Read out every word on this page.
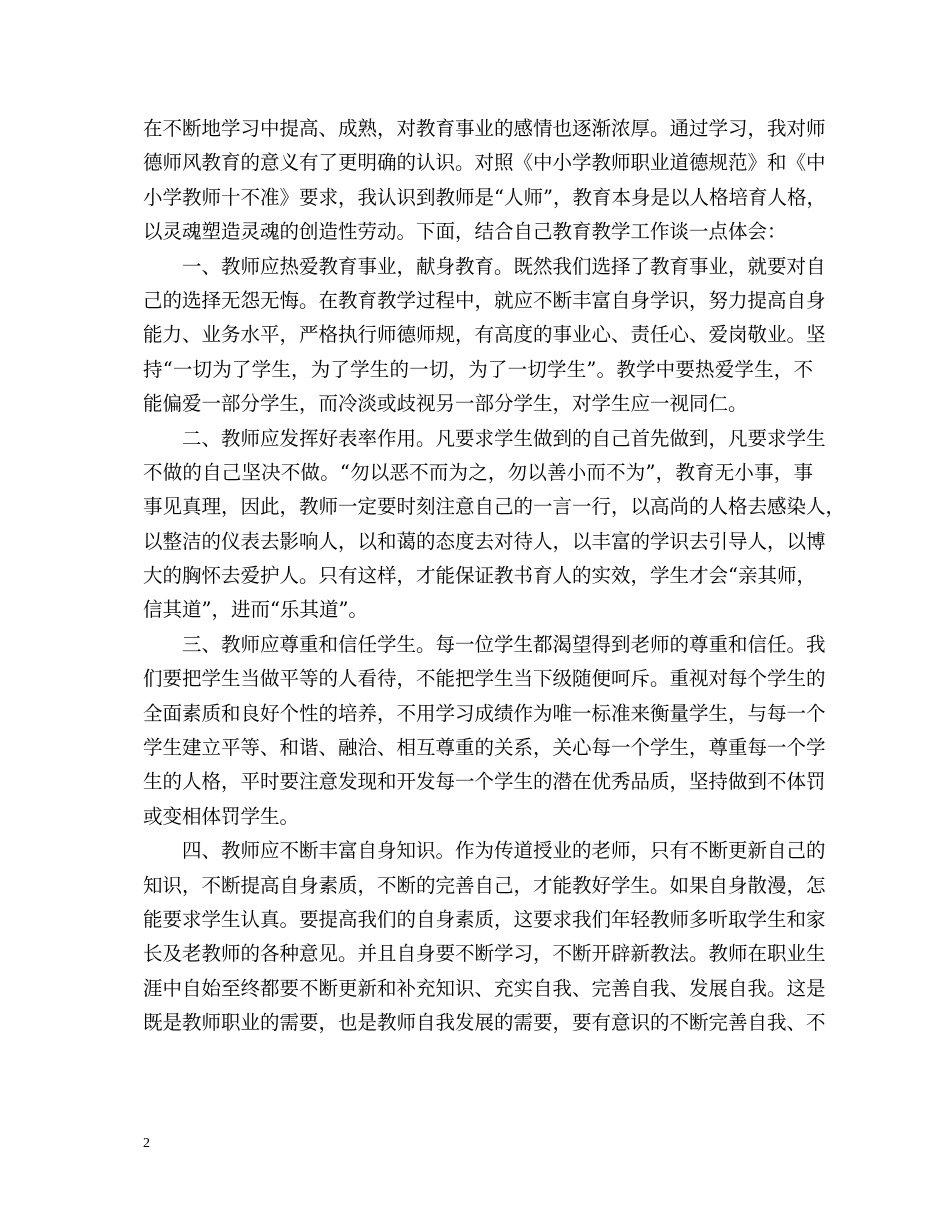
在不断地学习中提高、成熟，对教育事业的感情也逐渐浓厚。通过学习，我对师
德师风教育的意义有了更明确的认识。对照《中小学教师职业道德规范》和《中
小学教师十不准》要求，我认识到教师是“人师”，教育本身是以人格培育人格，
以灵魂塑造灵魂的创造性劳动。下面，结合自己教育教学工作谈一点体会：
一、教师应热爱教育事业，献身教育。既然我们选择了教育事业，就要对自
己的选择无怨无悔。在教育教学过程中，就应不断丰富自身学识，努力提高自身
能力、业务水平，严格执行师德师规，有高度的事业心、责任心、爱岗敬业。坚
持“一切为了学生，为了学生的一切，为了一切学生”。教学中要热爱学生，不
能偏爱一部分学生，而冷淡或歧视另一部分学生，对学生应一视同仁。
二、教师应发挥好表率作用。凡要求学生做到的自己首先做到，凡要求学生
不做的自己坚决不做。“勿以恶不而为之，勿以善小而不为”，教育无小事，事
事见真理，因此，教师一定要时刻注意自己的一言一行，以高尚的人格去感染人，
以整洁的仪表去影响人，以和蔼的态度去对待人，以丰富的学识去引导人，以博
大的胸怀去爱护人。只有这样，才能保证教书育人的实效，学生才会“亲其师，
信其道”，进而“乐其道”。
三、教师应尊重和信任学生。每一位学生都渴望得到老师的尊重和信任。我
们要把学生当做平等的人看待，不能把学生当下级随便呵斥。重视对每个学生的
全面素质和良好个性的培养，不用学习成绩作为唯一标准来衡量学生，与每一个
学生建立平等、和谐、融洽、相互尊重的关系，关心每一个学生，尊重每一个学
生的人格，平时要注意发现和开发每一个学生的潜在优秀品质，坚持做到不体罚
或变相体罚学生。
四、教师应不断丰富自身知识。作为传道授业的老师，只有不断更新自己的
知识，不断提高自身素质，不断的完善自己，才能教好学生。如果自身散漫，怎
能要求学生认真。要提高我们的自身素质，这要求我们年轻教师多听取学生和家
长及老教师的各种意见。并且自身要不断学习，不断开辟新教法。教师在职业生
涯中自始至终都要不断更新和补充知识、充实自我、完善自我、发展自我。这是
既是教师职业的需要，也是教师自我发展的需要，要有意识的不断完善自我、不
2
